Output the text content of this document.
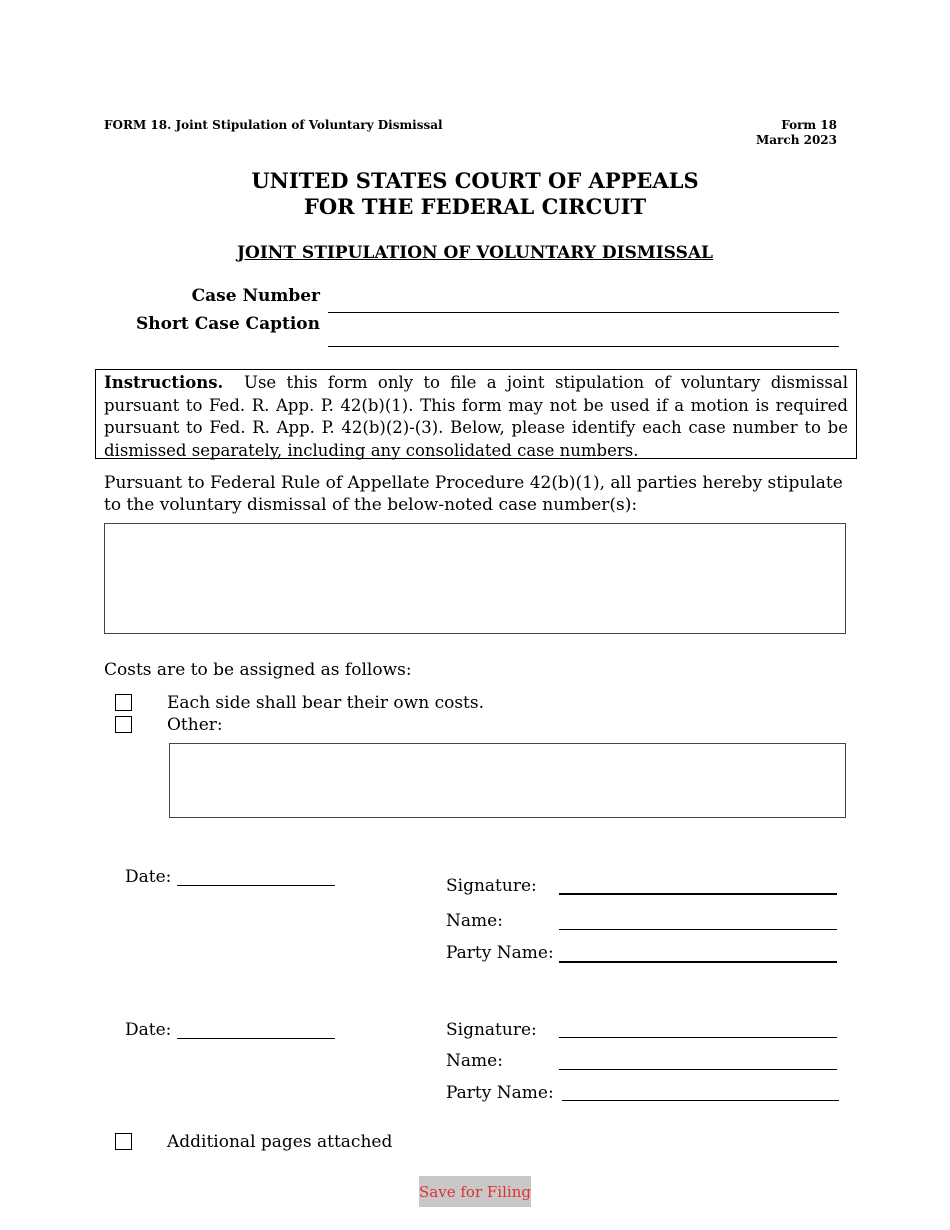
FORM 18. Joint Stipulation of Voluntary Dismissal	Form 18
March 2023
UNITED STATES COURT OF APPEALS
FOR THE FEDERAL CIRCUIT
JOINT STIPULATION OF VOLUNTARY DISMISSAL
Case Number
Short Case Caption
Instructions. Use this form only to file a joint stipulation of voluntary dismissal pursuant to Fed. R. App. P. 42(b)(1). This form may not be used if a motion is required pursuant to Fed. R. App. P. 42(b)(2)-(3). Below, please identify each case number to be dismissed separately, including any consolidated case numbers.
Pursuant to Federal Rule of Appellate Procedure 42(b)(1), all parties hereby stipulate to the voluntary dismissal of the below-noted case number(s):
Costs are to be assigned as follows:
Each side shall bear their own costs.
Other:
Date:	Signature:
Name:
Party Name:
Date:	Signature:
Name:
Party Name:
Additional pages attached
Save for Filing
